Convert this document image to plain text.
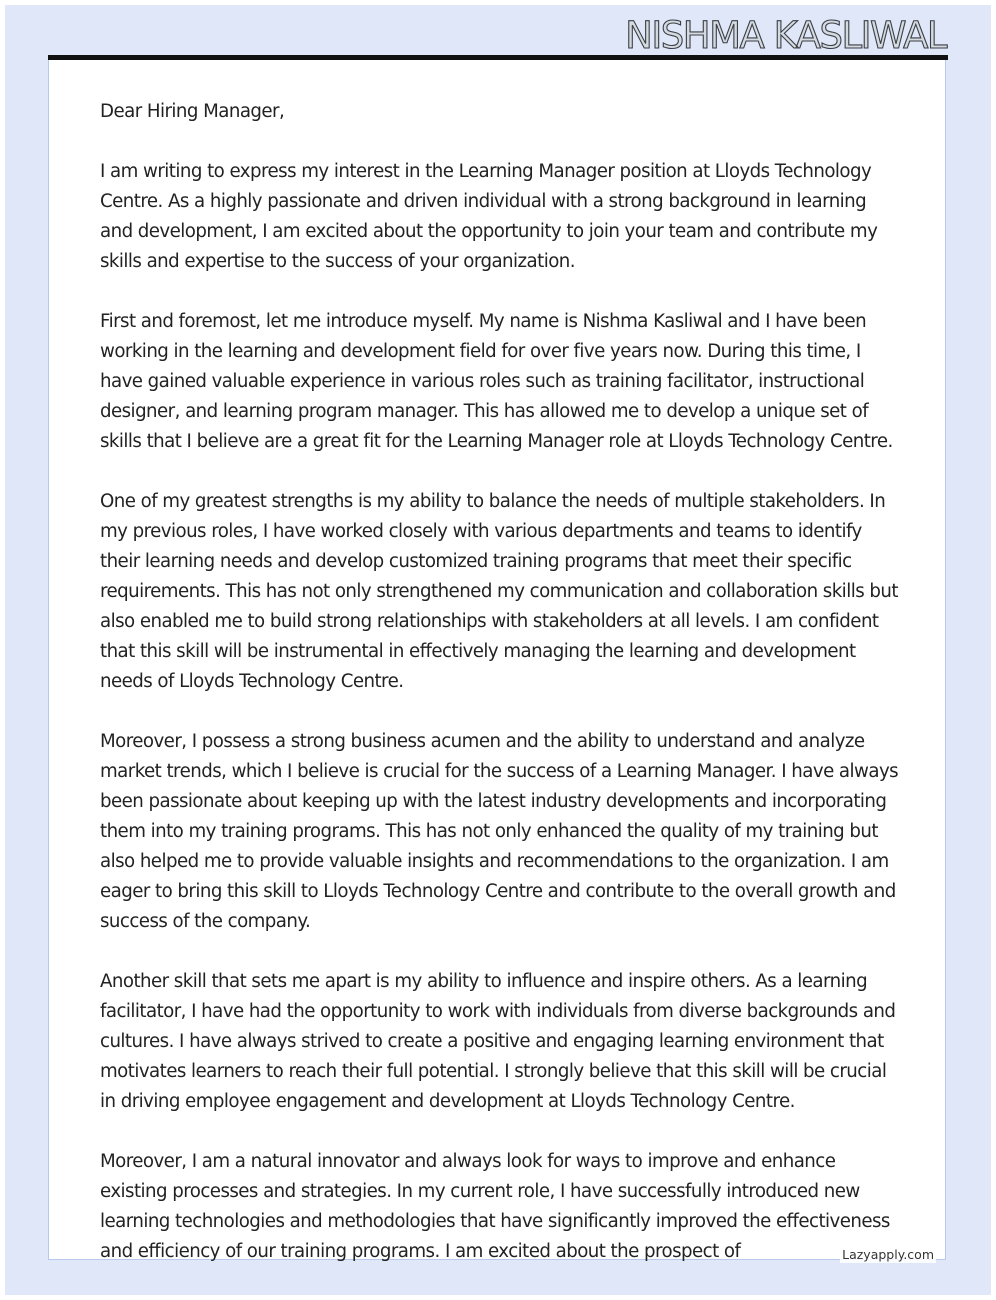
NISHMA KASLIWAL

Dear Hiring Manager,

I am writing to express my interest in the Learning Manager position at Lloyds Technology Centre. As a highly passionate and driven individual with a strong background in learning and development, I am excited about the opportunity to join your team and contribute my skills and expertise to the success of your organization.

First and foremost, let me introduce myself. My name is Nishma Kasliwal and I have been working in the learning and development field for over five years now. During this time, I have gained valuable experience in various roles such as training facilitator, instructional designer, and learning program manager. This has allowed me to develop a unique set of skills that I believe are a great fit for the Learning Manager role at Lloyds Technology Centre.

One of my greatest strengths is my ability to balance the needs of multiple stakeholders. In my previous roles, I have worked closely with various departments and teams to identify their learning needs and develop customized training programs that meet their specific requirements. This has not only strengthened my communication and collaboration skills but also enabled me to build strong relationships with stakeholders at all levels. I am confident that this skill will be instrumental in effectively managing the learning and development needs of Lloyds Technology Centre.

Moreover, I possess a strong business acumen and the ability to understand and analyze market trends, which I believe is crucial for the success of a Learning Manager. I have always been passionate about keeping up with the latest industry developments and incorporating them into my training programs. This has not only enhanced the quality of my training but also helped me to provide valuable insights and recommendations to the organization. I am eager to bring this skill to Lloyds Technology Centre and contribute to the overall growth and success of the company.

Another skill that sets me apart is my ability to influence and inspire others. As a learning facilitator, I have had the opportunity to work with individuals from diverse backgrounds and cultures. I have always strived to create a positive and engaging learning environment that motivates learners to reach their full potential. I strongly believe that this skill will be crucial in driving employee engagement and development at Lloyds Technology Centre.

Moreover, I am a natural innovator and always look for ways to improve and enhance existing processes and strategies. In my current role, I have successfully introduced new learning technologies and methodologies that have significantly improved the effectiveness and efficiency of our training programs. I am excited about the prospect of	Lazyapply.com
